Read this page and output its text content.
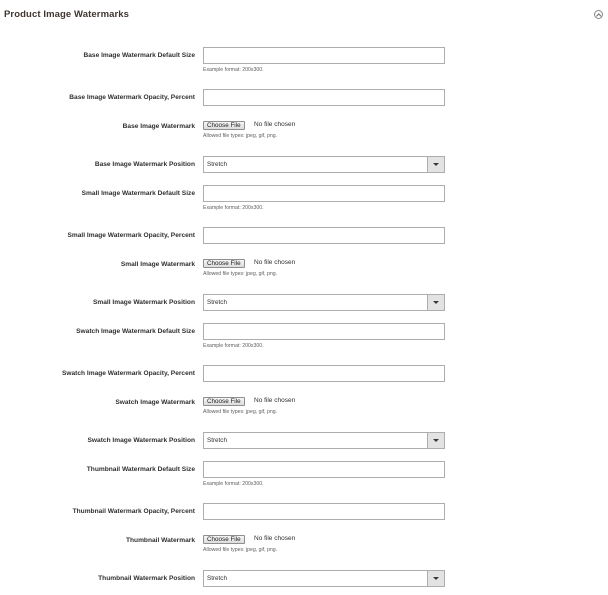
Product Image Watermarks
Base Image Watermark Default Size
Example format: 200x300.
Base Image Watermark Opacity, Percent
Base Image Watermark	Choose File	No file chosen
Allowed file types: jpeg, gif, png.
Base Image Watermark Position Stretch
Small Image Watermark Default Size
Example format: 200x300.
Small Image Watermark Opacity, Percent
Small Image Watermark	Choose File	No file chosen
Allowed file types: jpeg, gif, png.
Small Image Watermark Position Stretch
Swatch Image Watermark Default Size
Example format: 200x300.
Swatch Image Watermark Opacity, Percent
Swatch Image Watermark	Choose File	No file chosen
Allowed file types: jpeg, gif, png.
Swatch Image Watermark Position Stretch
Thumbnail Watermark Default Size
Example format: 200x300.
Thumbnail Watermark Opacity, Percent
Thumbnail Watermark	Choose File	No file chosen
Allowed file types: jpeg, gif, png.
Thumbnail Watermark Position Stretch
